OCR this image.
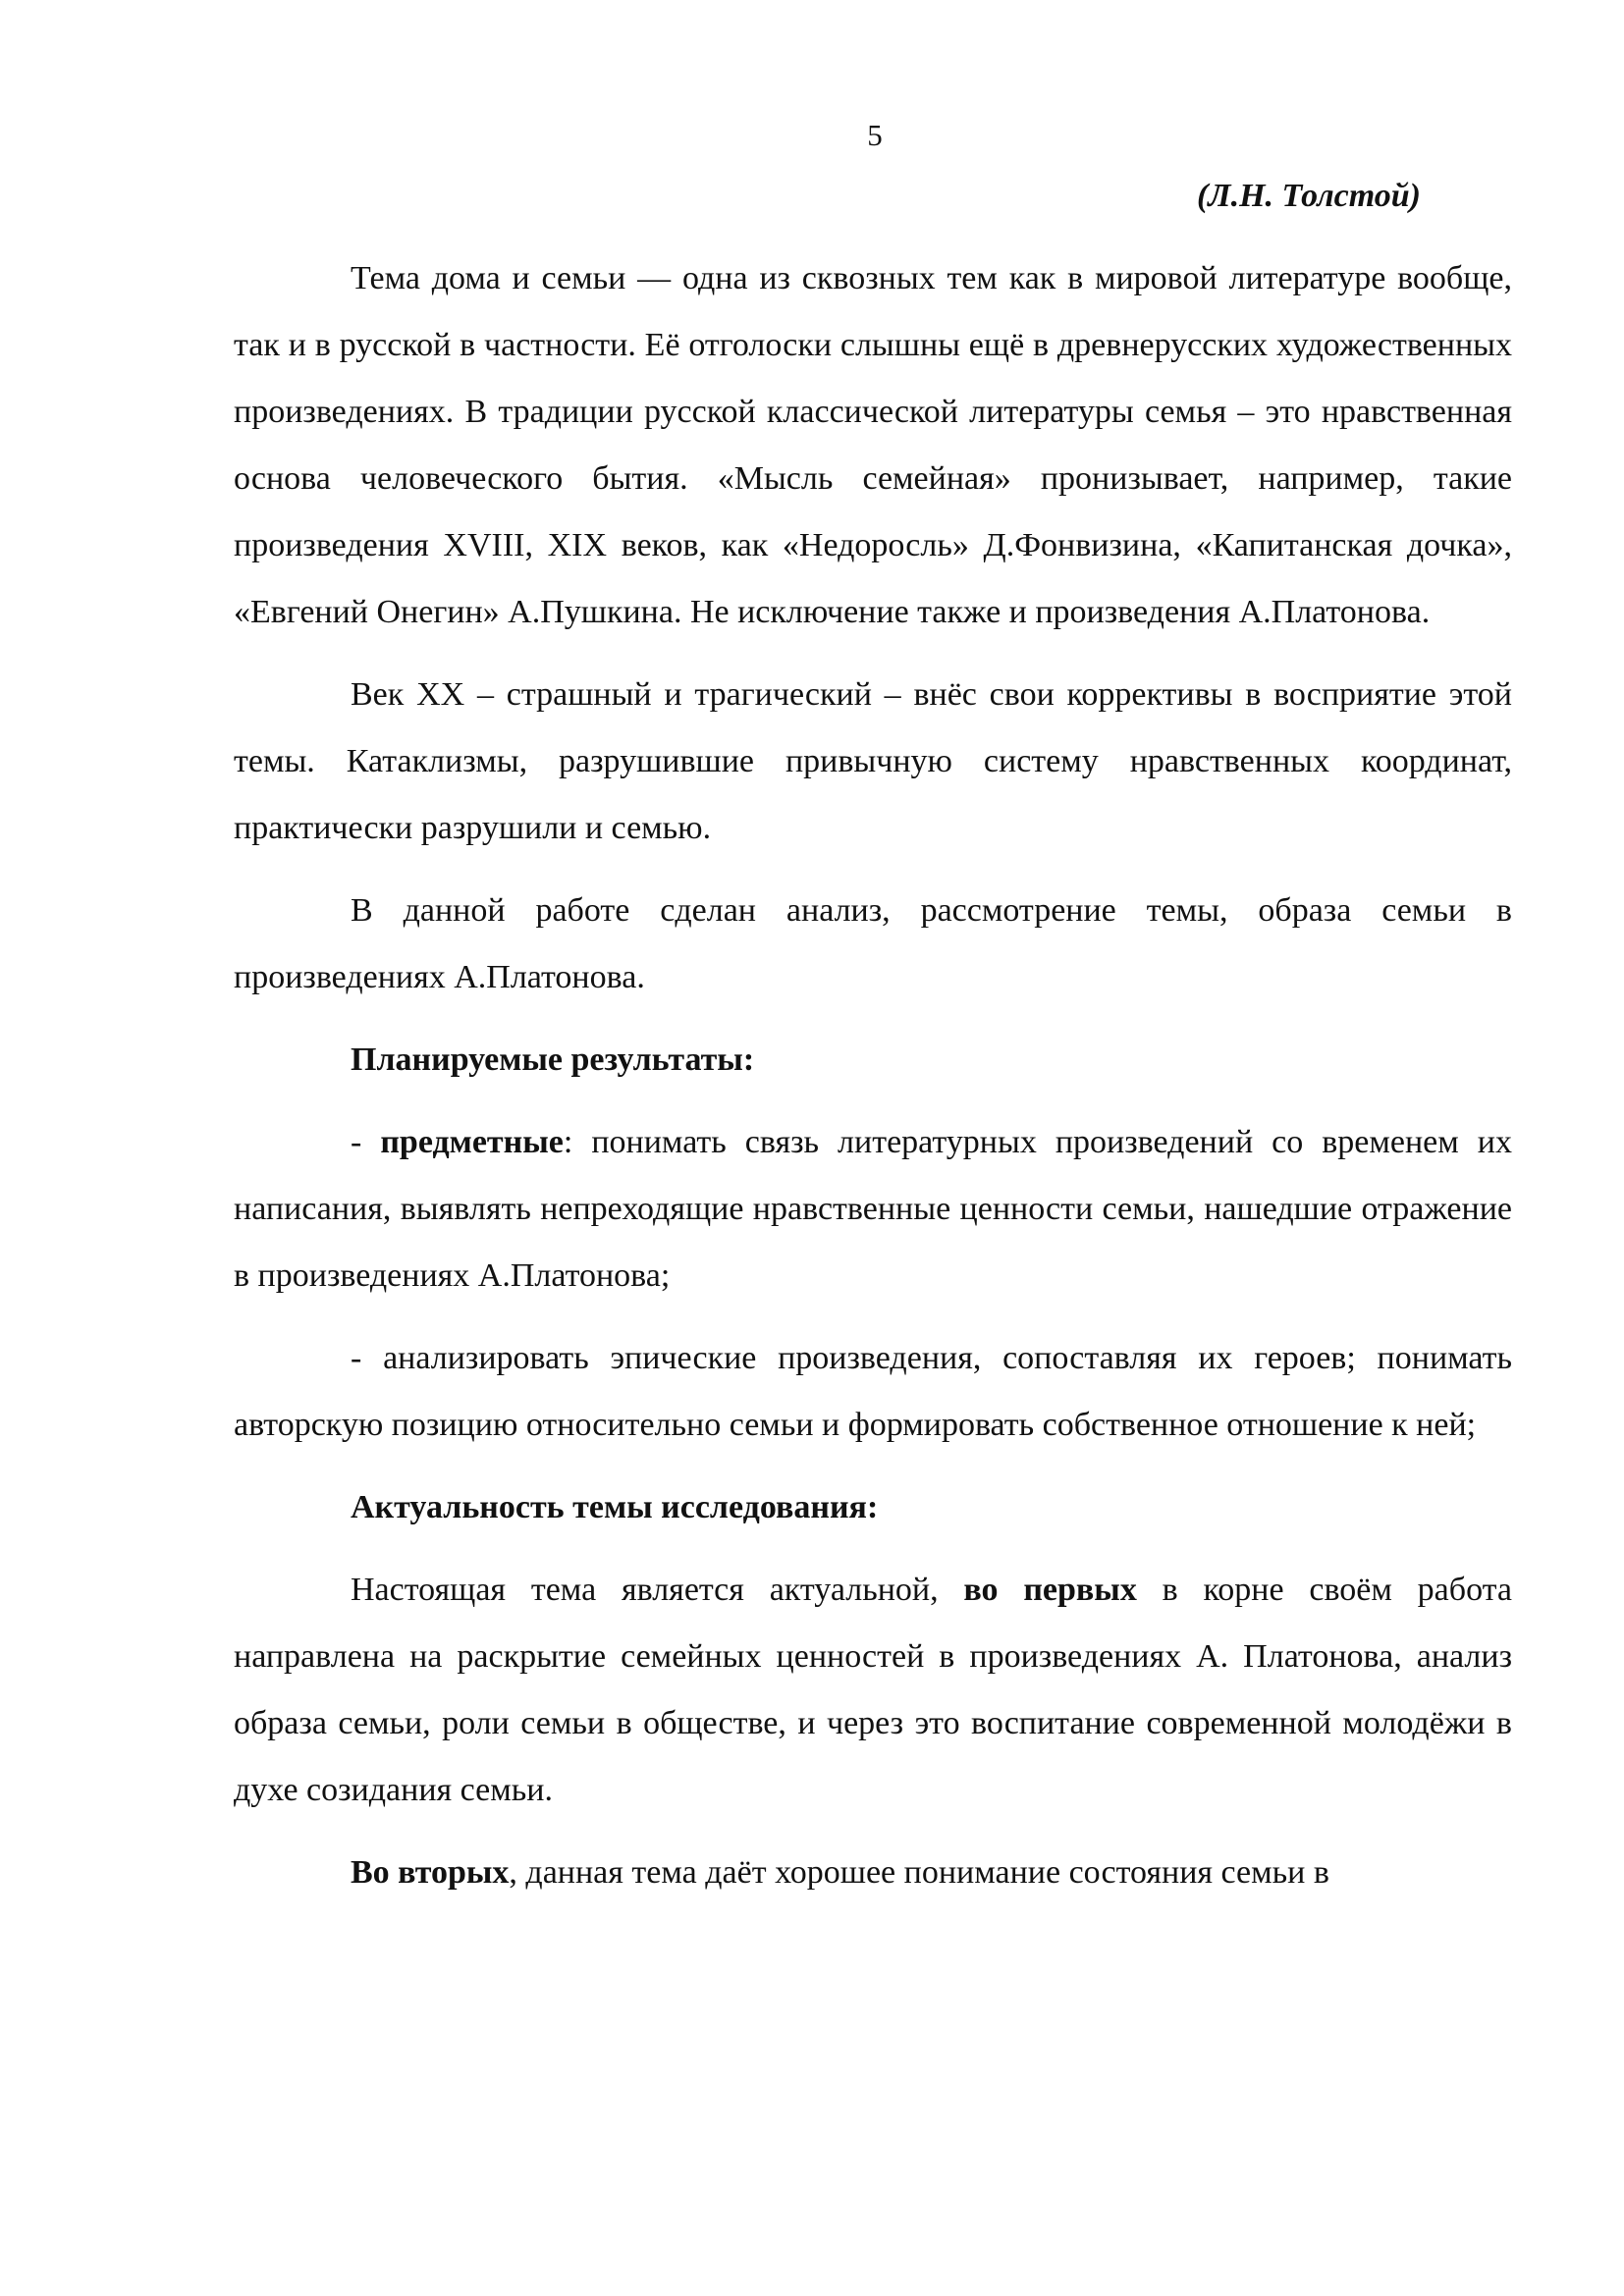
5
(Л.Н. Толстой)

Тема дома и семьи — одна из сквозных тем как в мировой литературе вообще, так и в русской в частности. Её отголоски слышны ещё в древнерусских художественных произведениях. В традиции русской классической литературы семья – это нравственная основа человеческого бытия. «Мысль семейная» пронизывает, например, такие произведения XVIII, XIX веков, как «Недоросль» Д.Фонвизина, «Капитанская дочка», «Евгений Онегин» А.Пушкина. Не исключение также и произведения А.Платонова.

Век XX – страшный и трагический – внёс свои коррективы в восприятие этой темы. Катаклизмы, разрушившие привычную систему нравственных координат, практически разрушили и семью.

В данной работе сделан анализ, рассмотрение темы, образа семьи в произведениях А.Платонова.

Планируемые результаты:

- предметные: понимать связь литературных произведений со временем их написания, выявлять непреходящие нравственные ценности семьи, нашедшие отражение в произведениях А.Платонова;

- анализировать эпические произведения, сопоставляя их героев; понимать авторскую позицию относительно семьи и формировать собственное отношение к ней;

Актуальность темы исследования:

Настоящая тема является актуальной, во первых в корне своём работа направлена на раскрытие семейных ценностей в произведениях А. Платонова, анализ образа семьи, роли семьи в обществе, и через это воспитание современной молодёжи в духе созидания семьи.

Во вторых, данная тема даёт хорошее понимание состояния семьи в
